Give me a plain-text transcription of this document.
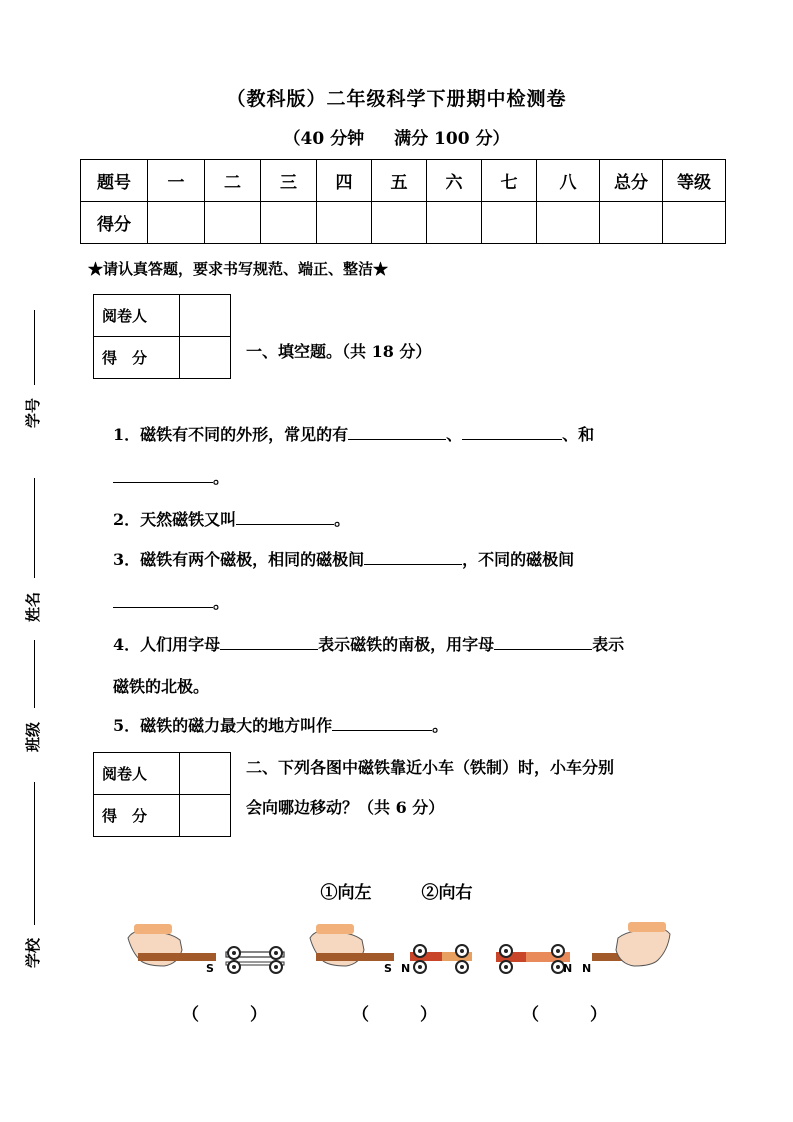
（教科版）二年级科学下册期中检测卷
（40 分钟 满分 100 分）
题号	一	二	三	四	五	六	七	八	总分	等级
得分										
★请认真答题，要求书写规范、端正、整洁★
阅卷人	
得　分		一、填空题。（共 18 分）
1．磁铁有不同的外形，常见的有	、	、和
。
2．天然磁铁又叫	。
3．磁铁有两个磁极，相同的磁极间	，不同的磁极间
。
4．人们用字母	表示磁铁的南极，用字母	表示
磁铁的北极。
5．磁铁的磁力最大的地方叫作	。
阅卷人	
得　分	
二、下列各图中磁铁靠近小车（铁制）时，小车分别
会向哪边移动？（共 6 分）
①向左	②向右
S	S N	N N
（　　　）	（　　　）	（　　　）
学号
姓名
班级
学校
